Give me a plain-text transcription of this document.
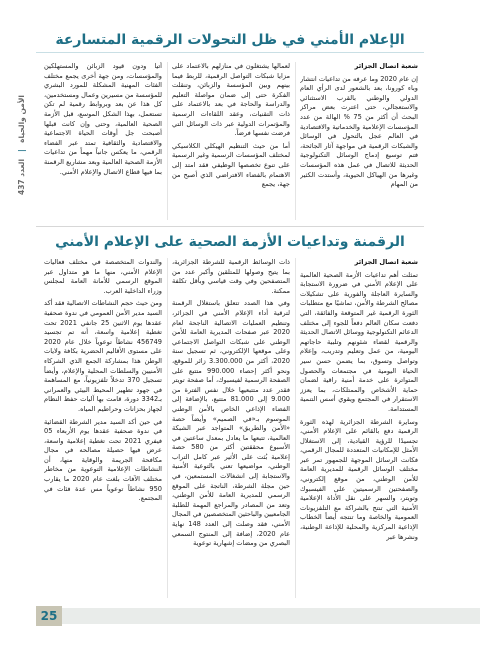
الأمن والحياة | العدد 437
الإعلام الأمني في ظل التحولات الرقمية المتسارعة

شعبة اتصال الجزائر

إن عام 2020 وما عرفه من تداعيات انتشار وباء كورونا، بعد بالشعور لدى الرأي العام الدولي والوطني بالقرب الاستثنائي والاستعجالي، حتى اعترت بعض مراكز البحث أن أكثر من 75 % الهالة من عدد المؤسسات الإعلامية والخدماتية والاقتصادية في العالم عجل بالتحول في الوسائل والشبكات الرقمية في مواجهة آثار الجائحة، فتم توسيع إدماج الوسائل التكنولوجية الحديثة للاتصال في عمل هذه المؤسسات وغيرها من الهياكل الحيوية، وأستدت الكثير من المهام

لعمالها يشتغلون في منازلهم بالاعتماد على مزايا شبكات التواصل الرقمية، للربط فيما بينهم وبين المؤسسة والزبائن، وتنقلت الفكرة حتى إلى ضمان مواصلة التعليم والدراسة والحاجة في بعد بالاعتماد على ذات التقنيات، وعقد اللقاءات الرسمية والمؤتمرات الدولية عبر ذات الوسائل التي فرضت نفسها فرضاً.

أما من حيث التنظيم الهيكلي الكلاسيكي لمختلف المؤسسات الرسمية وغير الرسمية على تنوع تخصصها الوظيفي فقد امتد إلى الاهتمام بالفضاء الافتراضي الذي أصبح من جهة، يجمع

أَتيا ودون قيود الزبائن والمستهلكين والمؤسسات، ومن جهة أخرى يجمع مختلف الفئات المهنية المشكلة للمورد البشري للمؤسسة من مسيرين وعمال ومستخدمين، كل هذا عن بعد وبروابط رقمية لم تكن تستعمل، بهذا الشكل الموسع، قبل الأزمة الصحية العالمية، وحتى وإن كانت قبلها أصبحت جل أوقات الحياة الاجتماعية والاقتصادية والثقافية تمتد عبر الفضاء الرقمي، ما يعكس جانباً مهماً من تداعيات الأزمة الصحية العالمية وبعد مشاريع الرقمنة بما فيها قطاع الاتصال والإعلام الأمني.

الرقمنة وتداعيات الأزمة الصحية على الإعلام الأمني

شعبة اتصال الجزائر

تمثلت أهم تداعيات الأزمة الصحية العالمية على الإعلام الأمني في ضرورة الاستجابة والسايرة العاجلة والفورية على تشكيلات مصالح الشرطة والأمن، تماشيًا مع متطلبات الثورة الرقمية غير المتوقعة والفائقة، التي دفعت سكان العالم دفعاً للجوء إلى مختلف الدعائم التكنولوجية ووسائل الاتصال الحديثة والرقمية لقضاء شئونهم وتلبية حاجاتهم اليومية، من عمل وتعليم وتدريب، وإعلام وتواصل وتسوق، بما يضمن حسن سير الحياة اليومية في مجتمعات والحصول المتواترة على خدمة أمنية راقية لضمان حماية الأشخاص والممتلكات، بما يعزز الاستقرار في المجتمع ويقوي أسس التنمية المستدامة.

وسايرة الشرطة الجزائرية لهذه الثورة الرقمية دفع بالقائم على الإعلام الأمني، تجسيدًا للرؤية القيادية، إلى الاستغلال الأمثل للإمكانيات المتعددة للمجال الرقمي، فكانت الرسائل الموجهة للجمهور تمر عبر مختلف الوسائل الرقمية للمديرية العامة للأمن الوطني، من موقع إلكتروني، والصفحتين الرسميتين على الفيسبوك وتويتر، والسهر على نقل الأداة الإعلامية الأمنية التي تنتج بالشراكة مع التلفزيونات العمومية والخاصة وما تنتجه أيضاً الخطاب الإذاعية المركزية والمحلية للإذاعة الوطنية، ونشرها عبر

ذات الوسائط الرقمية للشرطة الجزائرية، بما يتيح وصولها للمتلقين وأكبر عدد من المتصفحين وفي وقت قياسي وبأقل تكلفة ممكنة.

وفي هذا الصدد تتعلق باستغلال الرقمنة لترقية أداء الإعلام الأمني في الجزائر، وتنظيم العمليات الاتصالية الناجحة لعام 2020 عبر صفحات المديرية العامة للأمن الوطني على شبكات التواصل الاجتماعي وعلى موقعها الإلكتروني، ثم تسجيل سنة 2020، أكثر من 3.300.000 زائر للموقع، ونحو أكثر إحصاء 990.000 متتبع على الصفحة الرسمية لفيسبوك، أما صفحة تويتر فقدر عدد متتبعيها خلال نفس الفترة من 9.000 إلى 81.000 متتبع، بالإضافة إلى الفضاء الإذاعي الخاص بالأمن الوطني الموسوم بـ«في الصميم» وأيضاً حصة «الأمن والطريق» المتواجد عبر الشبكة العالمية، تتبعها ما يعادل بمعدل ساعتين في الأسبوع محققتين أكثر من 580 حصة إعلامية بُثت على الأثير عبر كامل التراب الوطني، مواضيعها تعني بالتوعية الأمنية والاستجابة إلى انشغالات المستمعين، في حين مجلة الشرطة، الناتجة على الموقع الرسمي للمديرية العامة للأمن الوطني، وتعد من المصادر والمراجع المهمة للطلبة الجامعيين والباحثين المتخصصين في المجال الأمني، فقد وصلت إلى العدد 148 نهاية عام 2020، إضافة إلى المنتوج السمعي البصري من ومضات إشهارية توعوية

والندوات المتخصصة في مختلف فعاليات الإعلام الأمني، منها ما هو متداول عبر الموقع الرسمي للأمانة العامة لمجلس وزراء الداخلية العرب.

ومن حيث حجم النشاطات الاتصالية فقد أكد السيد مدير الأمن العمومي في ندوة صحفية عقدها يوم الاثنين 25 جانفي 2021 تحت تغطية إعلامية واسعة، أنه تم تجسيد 456749 نشاطاً توعوياً خلال عام 2020 على مستوى الأقاليم الحضرية بكافة ولايات الوطن هذا بمشاركة الجمع الذي الشركاء الأمنيين والسلطات المحلية والإعلام، وأيضاً تسجيل 370 تدخلاً تلفزيونياً، مع المساهمة في جهود تطهير المحيط البيئي والعمراني بـ3342 دورة، قامت بها آليات حفظ النظام لجهاز بحزانات وحراطيم المياه.

في حين أكد السيد مدير الشرطة القضائية في ندوة صحفية عقدها يوم الأربعاء 05 فيفري 2021 تحت تغطية إعلامية واسعة، عرض فيها حصيلة مصالحه في مجال مكافحة الجريمة والوقاية منها، أن النشاطات الإعلامية التوعوية من مخاطر مختلف الآفات بلغت عام 2020 ما يقارب 950 نشاطاً توعوياً مس عدة فئات في المجتمع.

25
